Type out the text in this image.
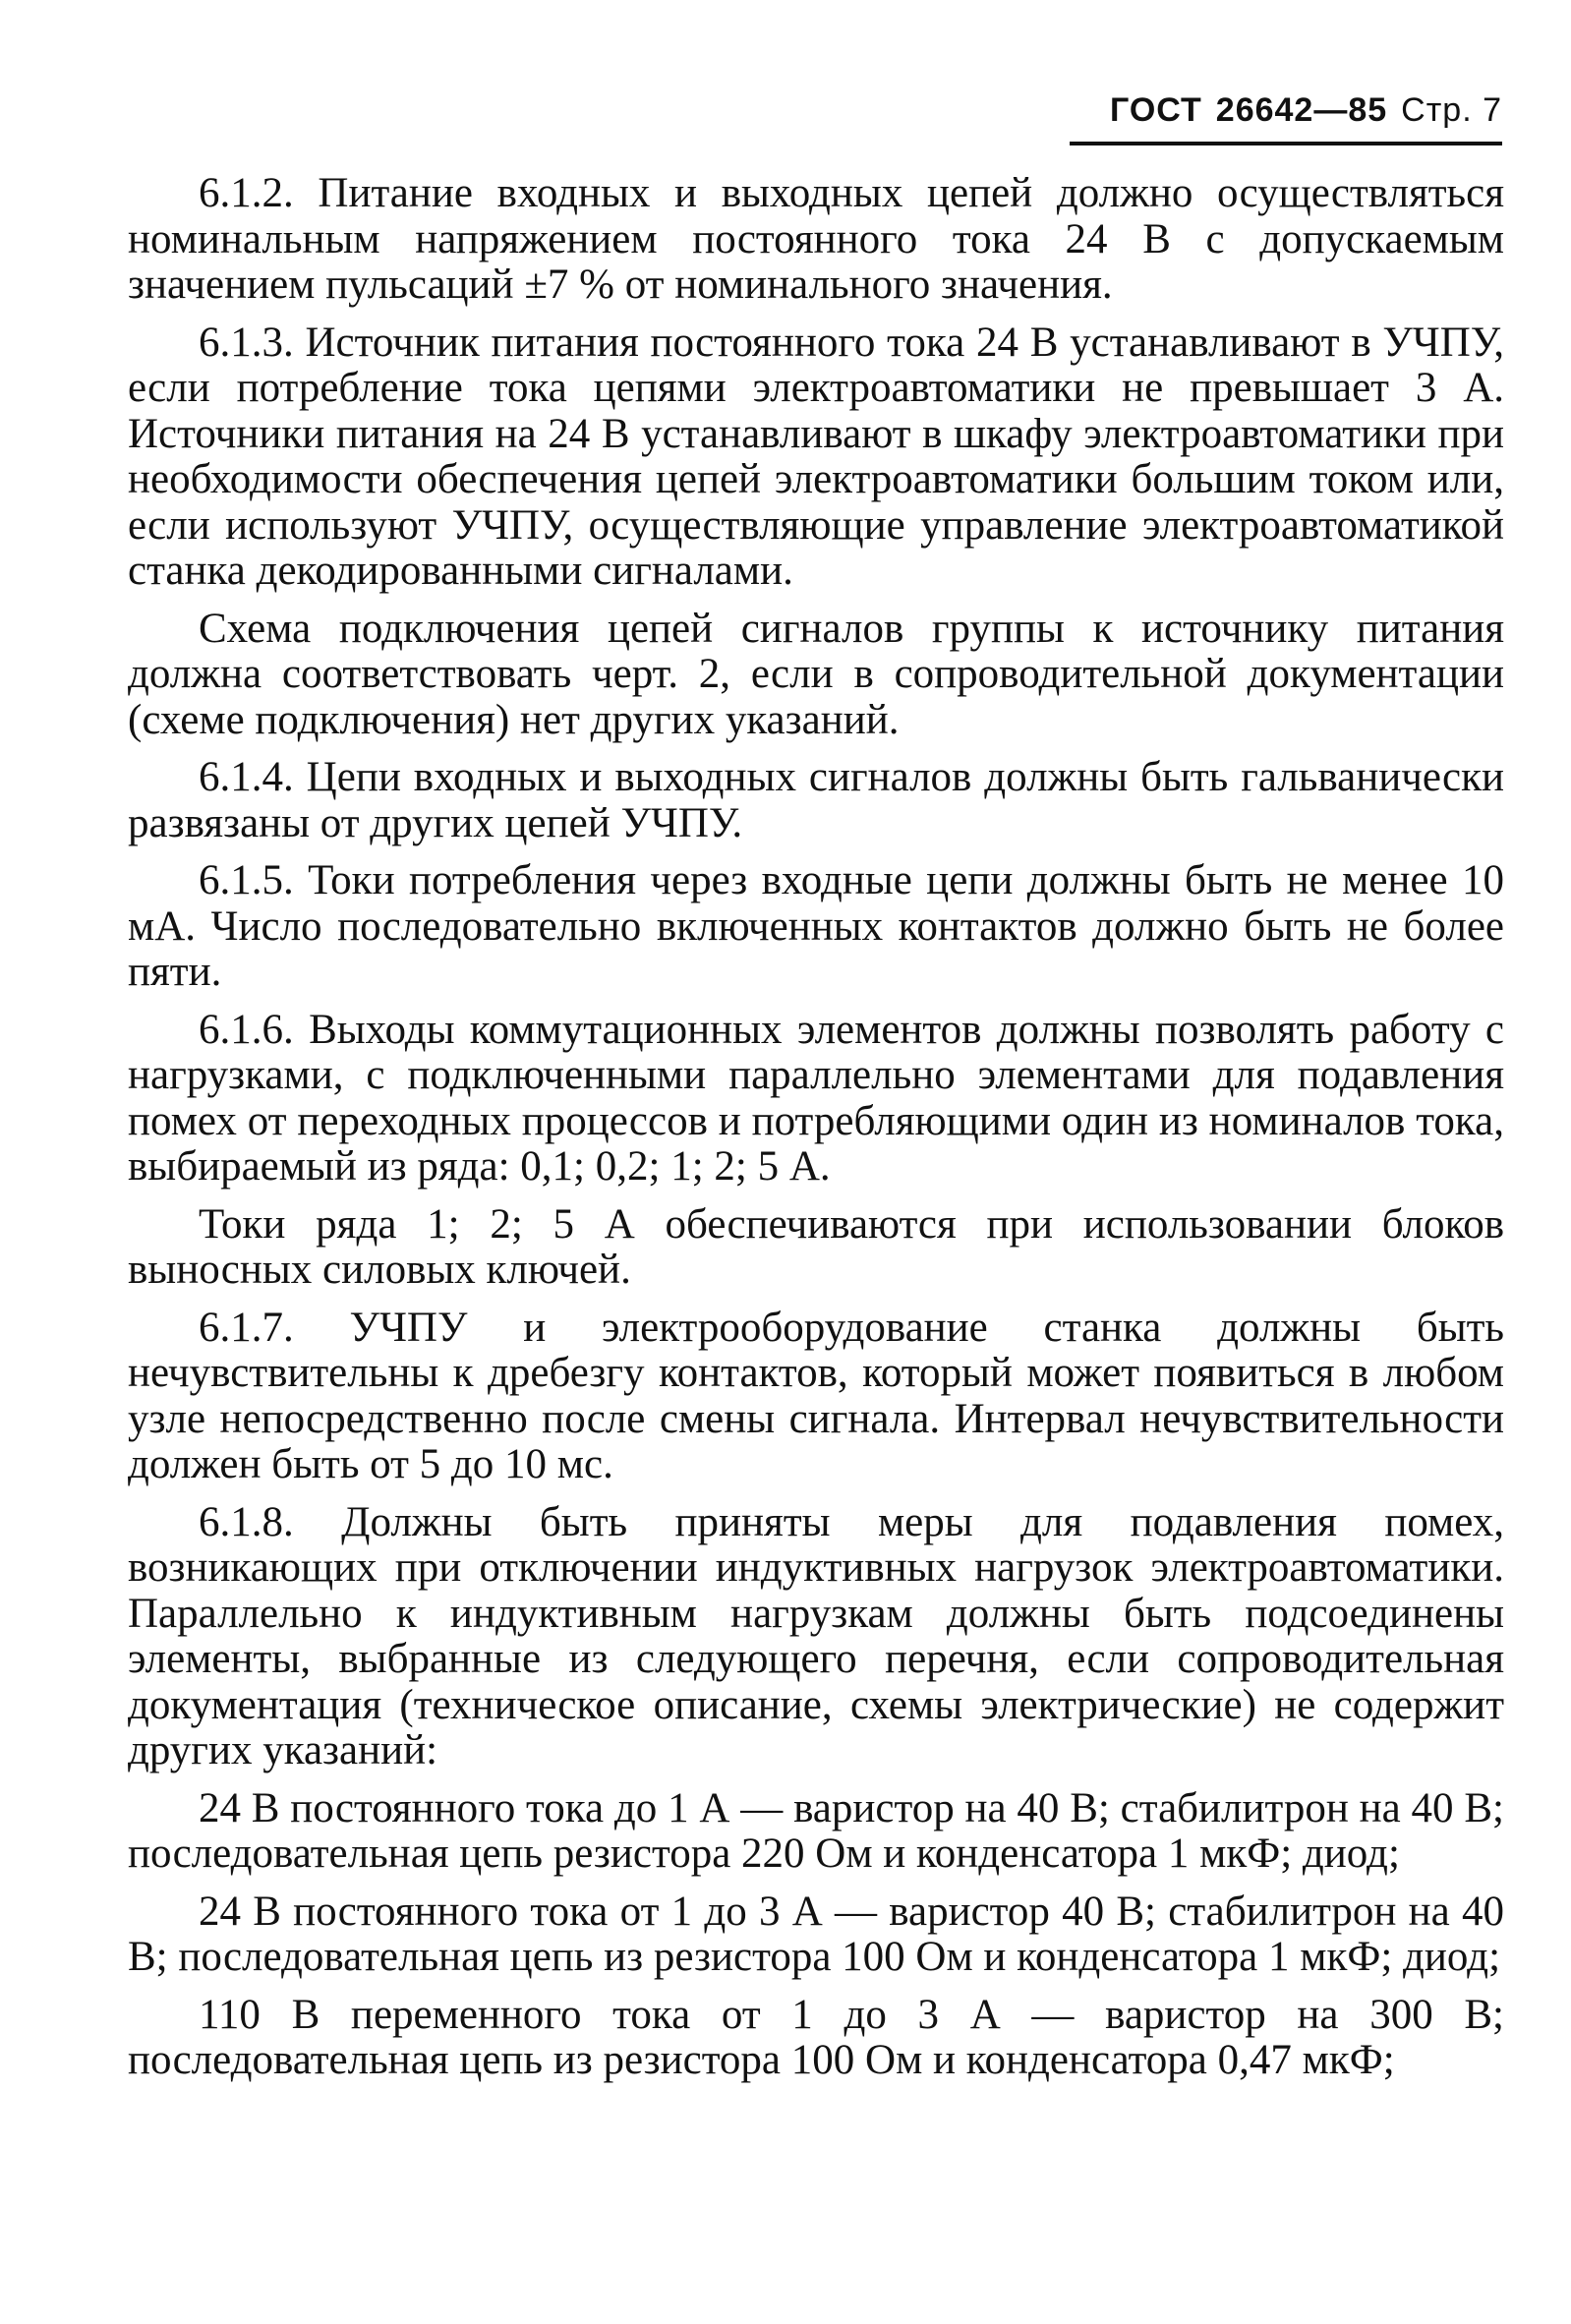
ГОСТ 26642—85 Стр. 7

6.1.2. Питание входных и выходных цепей должно осуществляться номинальным напряжением постоянного тока 24 В с допускаемым значением пульсаций ±7 % от номинального значения.

6.1.3. Источник питания постоянного тока 24 В устанавливают в УЧПУ, если потребление тока цепями электроавтоматики не превышает 3 А. Источники питания на 24 В устанавливают в шкафу электроавтоматики при необходимости обеспечения цепей электроавтоматики большим током или, если используют УЧПУ, осуществляющие управление электроавтоматикой станка декодированными сигналами.

Схема подключения цепей сигналов группы к источнику питания должна соответствовать черт. 2, если в сопроводительной документации (схеме подключения) нет других указаний.

6.1.4. Цепи входных и выходных сигналов должны быть гальванически развязаны от других цепей УЧПУ.

6.1.5. Токи потребления через входные цепи должны быть не менее 10 мА. Число последовательно включенных контактов должно быть не более пяти.

6.1.6. Выходы коммутационных элементов должны позволять работу с нагрузками, с подключенными параллельно элементами для подавления помех от переходных процессов и потребляющими один из номиналов тока, выбираемый из ряда: 0,1; 0,2; 1; 2; 5 А.

Токи ряда 1; 2; 5 А обеспечиваются при использовании блоков выносных силовых ключей.

6.1.7. УЧПУ и электрооборудование станка должны быть нечувствительны к дребезгу контактов, который может появиться в любом узле непосредственно после смены сигнала. Интервал нечувствительности должен быть от 5 до 10 мс.

6.1.8. Должны быть приняты меры для подавления помех, возникающих при отключении индуктивных нагрузок электроавтоматики. Параллельно к индуктивным нагрузкам должны быть подсоединены элементы, выбранные из следующего перечня, если сопроводительная документация (техническое описание, схемы электрические) не содержит других указаний:

24 В постоянного тока до 1 А — варистор на 40 В; стабилитрон на 40 В; последовательная цепь резистора 220 Ом и конденсатора 1 мкФ; диод;

24 В постоянного тока от 1 до 3 А — варистор 40 В; стабилитрон на 40 В; последовательная цепь из резистора 100 Ом и конденсатора 1 мкФ; диод;

110 В переменного тока от 1 до 3 А — варистор на 300 В; последовательная цепь из резистора 100 Ом и конденсатора 0,47 мкФ;
